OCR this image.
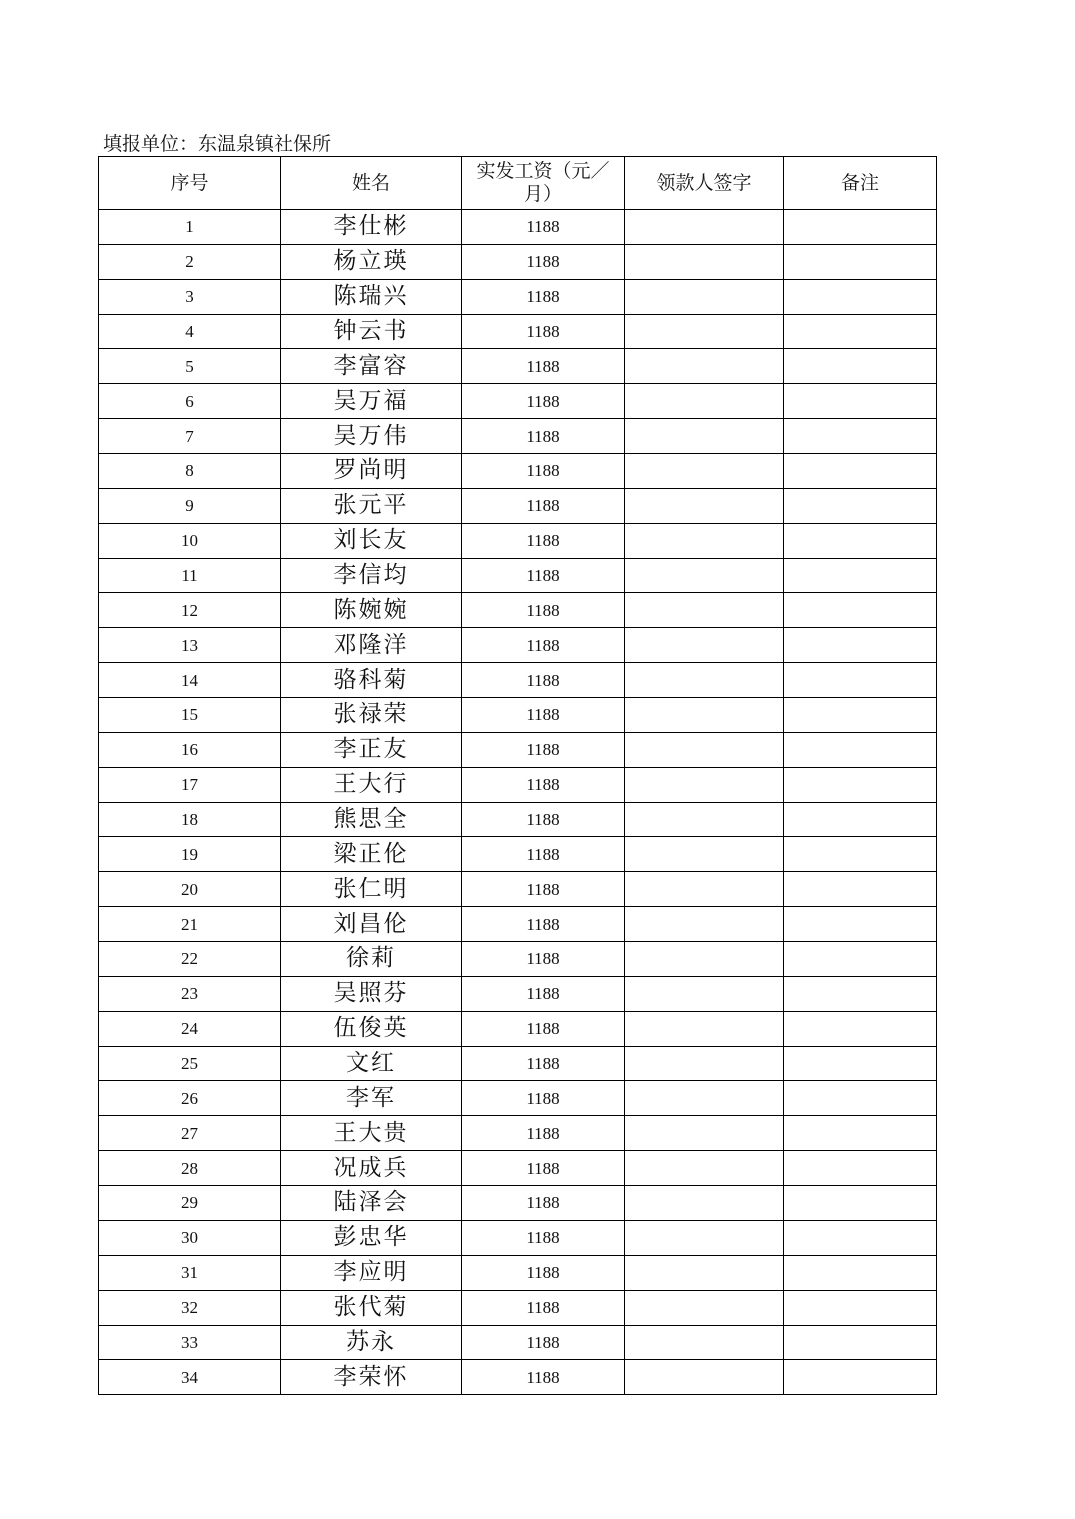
填报单位：东温泉镇社保所
序号	姓名	实发工资（元／月）	领款人签字	备注
1	李仕彬	1188		
2	杨立瑛	1188		
3	陈瑞兴	1188		
4	钟云书	1188		
5	李富容	1188		
6	吴万福	1188		
7	吴万伟	1188		
8	罗尚明	1188		
9	张元平	1188		
10	刘长友	1188		
11	李信均	1188		
12	陈婉婉	1188		
13	邓隆洋	1188		
14	骆科菊	1188		
15	张禄荣	1188		
16	李正友	1188		
17	王大行	1188		
18	熊思全	1188		
19	梁正伦	1188		
20	张仁明	1188		
21	刘昌伦	1188		
22	徐莉	1188		
23	吴照芬	1188		
24	伍俊英	1188		
25	文红	1188		
26	李军	1188		
27	王大贵	1188		
28	况成兵	1188		
29	陆泽会	1188		
30	彭忠华	1188		
31	李应明	1188		
32	张代菊	1188		
33	苏永	1188		
34	李荣怀	1188		
